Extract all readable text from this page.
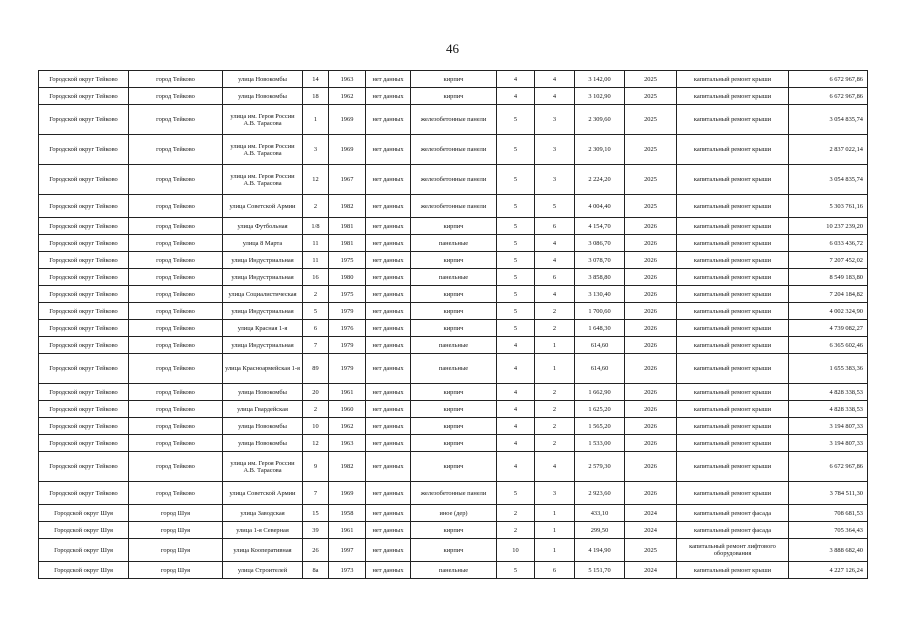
46
Городской округ Тейково	город Тейково	улица Новокомбы	14	1963	нет данных	кирпич	4	4	3 142,00	2025	капитальный ремонт крыши	6 672 967,86
Городской округ Тейково	город Тейково	улица Новокомбы	18	1962	нет данных	кирпич	4	4	3 102,90	2025	капитальный ремонт крыши	6 672 967,86
Городской округ Тейково	город Тейково	улица им. Героя России А.В. Тарасова	1	1969	нет данных	железобетонные панели	5	3	2 309,60	2025	капитальный ремонт крыши	3 054 835,74
Городской округ Тейково	город Тейково	улица им. Героя России А.В. Тарасова	3	1969	нет данных	железобетонные панели	5	3	2 309,10	2025	капитальный ремонт крыши	2 837 022,14
Городской округ Тейково	город Тейково	улица им. Героя России А.В. Тарасова	12	1967	нет данных	железобетонные панели	5	3	2 224,20	2025	капитальный ремонт крыши	3 054 835,74
Городской округ Тейково	город Тейково	улица Советской Армии	2	1982	нет данных	железобетонные панели	5	5	4 004,40	2025	капитальный ремонт крыши	5 303 761,16
Городской округ Тейково	город Тейково	улица Футбольная	1/8	1981	нет данных	кирпич	5	6	4 154,70	2026	капитальный ремонт крыши	10 237 239,20
Городской округ Тейково	город Тейково	улица 8 Марта	11	1981	нет данных	панельные	5	4	3 086,70	2026	капитальный ремонт крыши	6 033 436,72
Городской округ Тейково	город Тейково	улица Индустриальная	11	1975	нет данных	кирпич	5	4	3 078,70	2026	капитальный ремонт крыши	7 207 452,02
Городской округ Тейково	город Тейково	улица Индустриальная	16	1980	нет данных	панельные	5	6	3 858,80	2026	капитальный ремонт крыши	8 549 183,80
Городской округ Тейково	город Тейково	улица Социалистическая	2	1975	нет данных	кирпич	5	4	3 130,40	2026	капитальный ремонт крыши	7 204 184,82
Городской округ Тейково	город Тейково	улица Индустриальная	5	1979	нет данных	кирпич	5	2	1 700,60	2026	капитальный ремонт крыши	4 002 324,90
Городской округ Тейково	город Тейково	улица Красная 1-я	6	1976	нет данных	кирпич	5	2	1 648,30	2026	капитальный ремонт крыши	4 739 082,27
Городской округ Тейково	город Тейково	улица Индустриальная	7	1979	нет данных	панельные	4	1	614,60	2026	капитальный ремонт крыши	6 365 602,46
Городской округ Тейково	город Тейково	улица Красноармейская 1-я	89	1979	нет данных	панельные	4	1	614,60	2026	капитальный ремонт крыши	1 655 383,36
Городской округ Тейково	город Тейково	улица Новокомбы	20	1961	нет данных	кирпич	4	2	1 662,90	2026	капитальный ремонт крыши	4 828 338,53
Городской округ Тейково	город Тейково	улица Гвардейская	2	1960	нет данных	кирпич	4	2	1 625,20	2026	капитальный ремонт крыши	4 828 338,53
Городской округ Тейково	город Тейково	улица Новокомбы	10	1962	нет данных	кирпич	4	2	1 565,20	2026	капитальный ремонт крыши	3 194 807,33
Городской округ Тейково	город Тейково	улица Новокомбы	12	1963	нет данных	кирпич	4	2	1 533,00	2026	капитальный ремонт крыши	3 194 807,33
Городской округ Тейково	город Тейково	улица им. Героя России А.В. Тарасова	9	1982	нет данных	кирпич	4	4	2 579,30	2026	капитальный ремонт крыши	6 672 967,86
Городской округ Тейково	город Тейково	улица Советской Армии	7	1969	нет данных	железобетонные панели	5	3	2 923,60	2026	капитальный ремонт крыши	3 784 511,30
Городской округ Шуя	город Шуя	улица Заводская	15	1958	нет данных	иное (дер)	2	1	433,10	2024	капитальный ремонт фасада	708 681,53
Городской округ Шуя	город Шуя	улица 1-я Северная	39	1961	нет данных	кирпич	2	1	299,50	2024	капитальный ремонт фасада	705 364,43
Городской округ Шуя	город Шуя	улица Кооперативная	26	1997	нет данных	кирпич	10	1	4 194,90	2025	капитальный ремонт лифтового оборудования	3 888 682,40
Городской округ Шуя	город Шуя	улица Строителей	8а	1973	нет данных	панельные	5	6	5 151,70	2024	капитальный ремонт крыши	4 227 126,24
